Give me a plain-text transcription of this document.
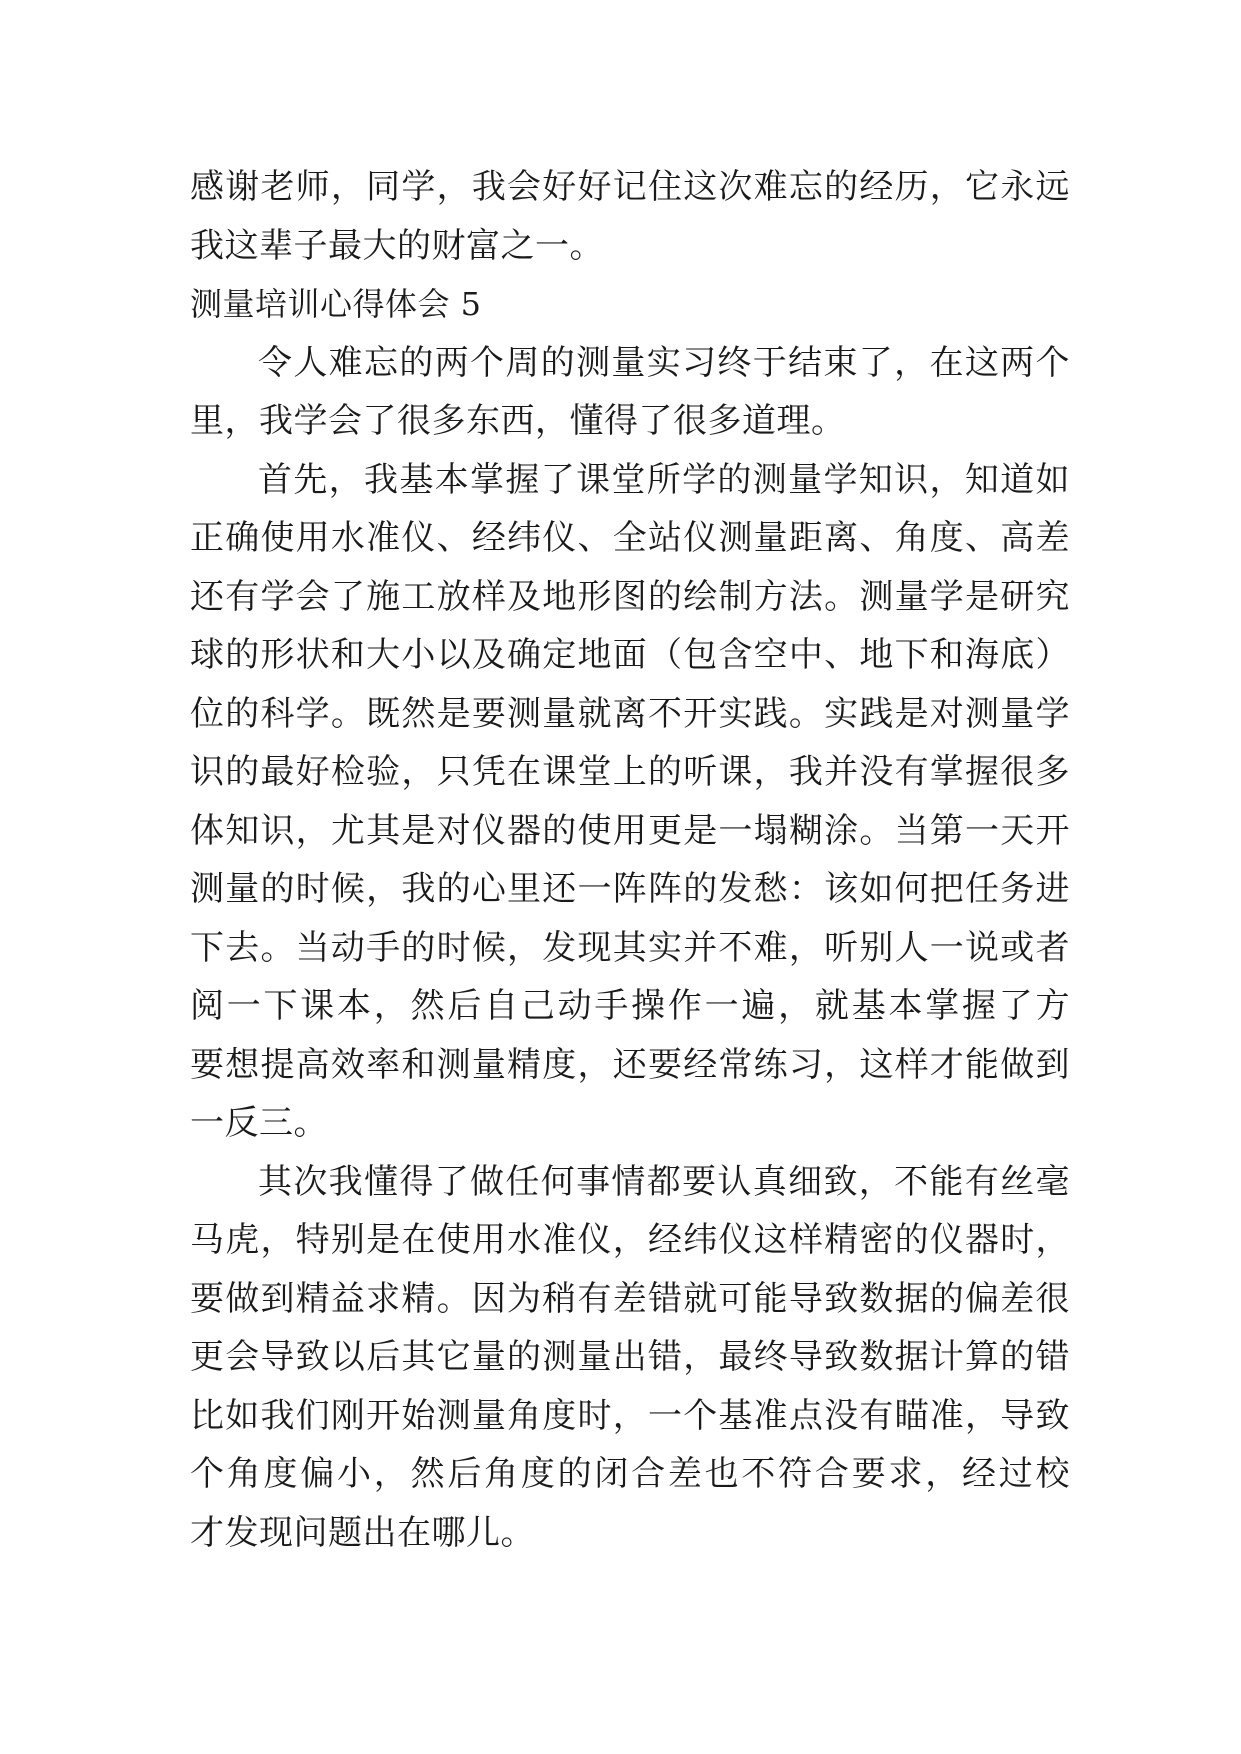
感谢老师，同学，我会好好记住这次难忘的经历，它永远
我这辈子最大的财富之一。
测量培训心得体会 5
令人难忘的两个周的测量实习终于结束了，在这两个
里，我学会了很多东西，懂得了很多道理。
首先，我基本掌握了课堂所学的测量学知识，知道如
正确使用水准仪、经纬仪、全站仪测量距离、角度、高差
还有学会了施工放样及地形图的绘制方法。测量学是研究
球的形状和大小以及确定地面（包含空中、地下和海底）
位的科学。既然是要测量就离不开实践。实践是对测量学
识的最好检验，只凭在课堂上的听课，我并没有掌握很多
体知识，尤其是对仪器的使用更是一塌糊涂。当第一天开
测量的时候，我的心里还一阵阵的发愁：该如何把任务进
下去。当动手的时候，发现其实并不难，听别人一说或者
阅一下课本，然后自己动手操作一遍，就基本掌握了方
要想提高效率和测量精度，还要经常练习，这样才能做到
一反三。
其次我懂得了做任何事情都要认真细致，不能有丝毫
马虎，特别是在使用水准仪，经纬仪这样精密的仪器时，
要做到精益求精。因为稍有差错就可能导致数据的偏差很
更会导致以后其它量的测量出错，最终导致数据计算的错
比如我们刚开始测量角度时，一个基准点没有瞄准，导致
个角度偏小，然后角度的闭合差也不符合要求，经过校
才发现问题出在哪儿。
